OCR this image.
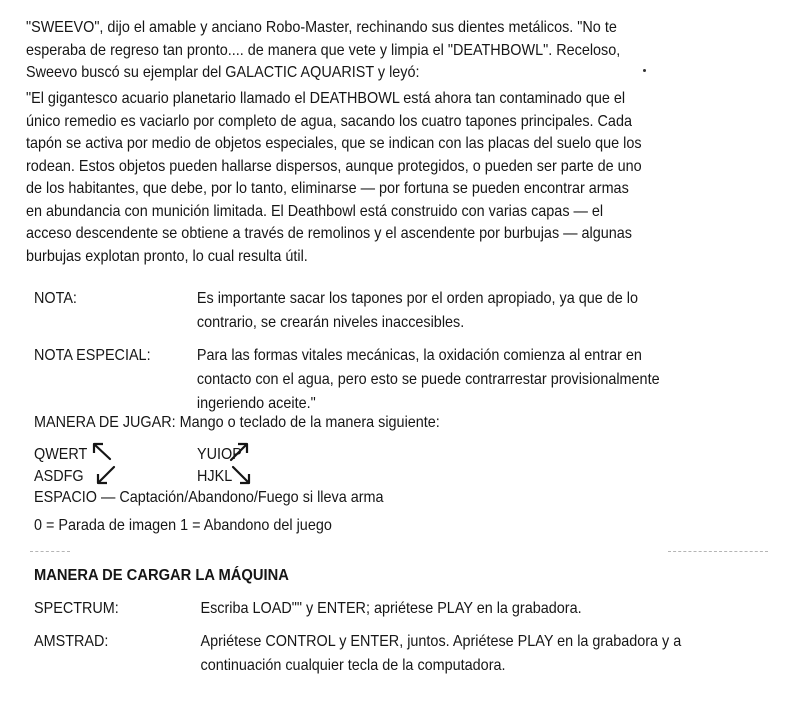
"SWEEVO", dijo el amable y anciano Robo-Master, rechinando sus dientes metálicos. "No te
esperaba de regreso tan pronto.... de manera que vete y limpia el "DEATHBOWL". Receloso,
Sweevo buscó su ejemplar del GALACTIC AQUARIST y leyó:
"El gigantesco acuario planetario llamado el DEATHBOWL está ahora tan contaminado que el
único remedio es vaciarlo por completo de agua, sacando los cuatro tapones principales. Cada
tapón se activa por medio de objetos especiales, que se indican con las placas del suelo que los
rodean. Estos objetos pueden hallarse dispersos, aunque protegidos, o pueden ser parte de uno
de los habitantes, que debe, por lo tanto, eliminarse — por fortuna se pueden encontrar armas
en abundancia con munición limitada. El Deathbowl está construido con varias capas — el
acceso descendente se obtiene a través de remolinos y el ascendente por burbujas — algunas
burbujas explotan pronto, lo cual resulta útil.
NOTA:	Es importante sacar los tapones por el orden apropiado, ya que de lo
contrario, se crearán niveles inaccesibles.
NOTA ESPECIAL:	Para las formas vitales mecánicas, la oxidación comienza al entrar en
contacto con el agua, pero esto se puede contrarrestar provisionalmente
ingeriendo aceite."
MANERA DE JUGAR: Mango o teclado de la manera siguiente:
QWERT
ASDFG
YUIOP
HJKL
ESPACIO — Captación/Abandono/Fuego si lleva arma
0 = Parada de imagen 1 = Abandono del juego
MANERA DE CARGAR LA MÁQUINA
SPECTRUM:	Escriba LOAD"" y ENTER; apriétese PLAY en la grabadora.
AMSTRAD:	Apriétese CONTROL y ENTER, juntos. Apriétese PLAY en la grabadora y a
continuación cualquier tecla de la computadora.
